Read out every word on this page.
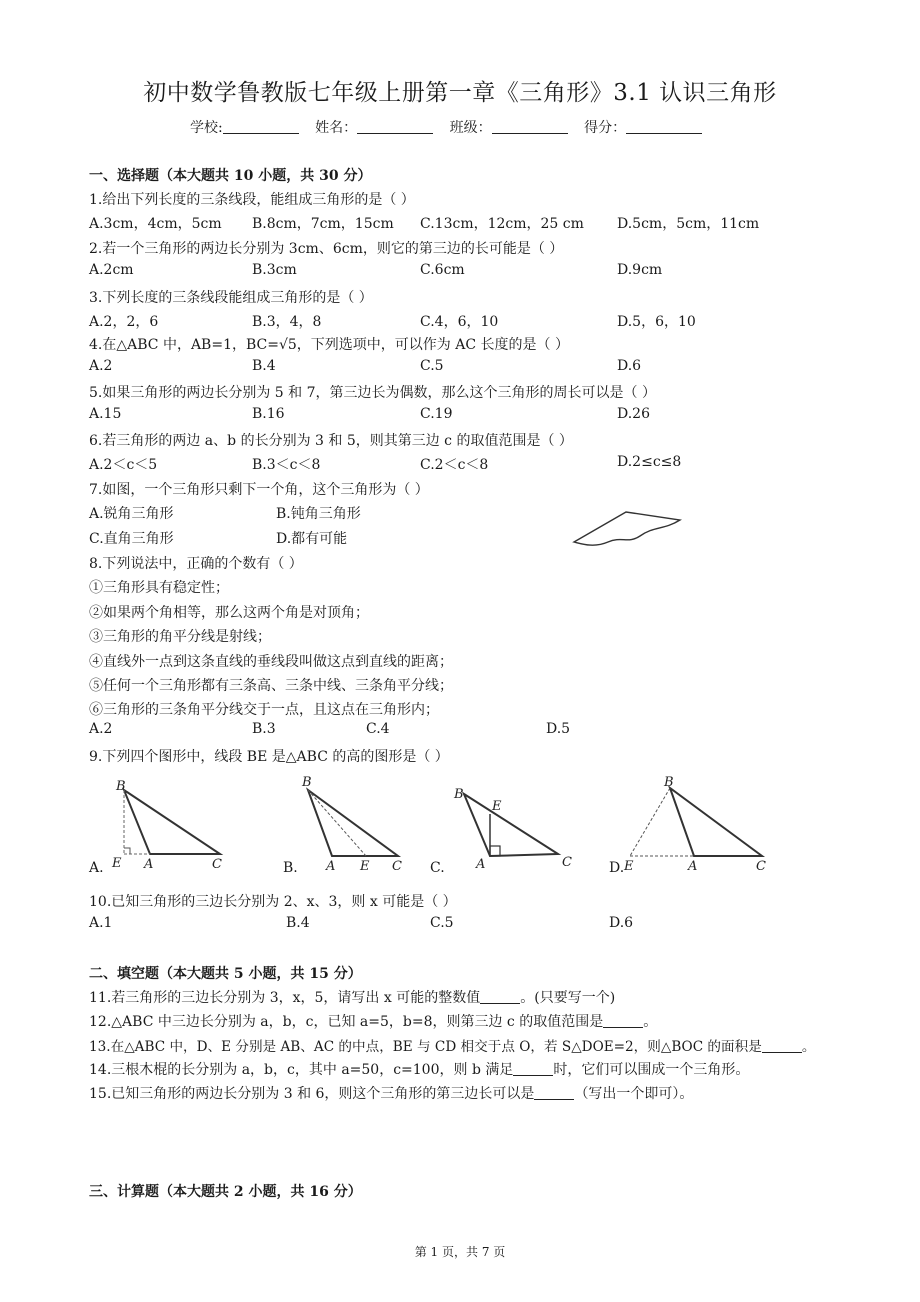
初中数学鲁教版七年级上册第一章《三角形》3.1 认识三角形
学校:	姓名：	班级：	得分：
一、选择题（本大题共 10 小题，共 30 分）
1.给出下列长度的三条线段，能组成三角形的是（ ）
A.3cm，4cm，5cm B.8cm，7cm，15cm C.13cm，12cm，25 cm D.5cm，5cm，11cm
2.若一个三角形的两边长分别为 3cm、6cm，则它的第三边的长可能是（ ）
A.2cm	B.3cm	C.6cm	D.9cm
3.下列长度的三条线段能组成三角形的是（ ）
A.2，2，6	B.3，4，8	C.4，6，10	D.5，6，10
4.在△ABC 中，AB=1，BC=√5，下列选项中，可以作为 AC 长度的是（ ）
A.2	B.4	C.5	D.6
5.如果三角形的两边长分别为 5 和 7，第三边长为偶数，那么这个三角形的周长可以是（ ）
A.15	B.16	C.19	D.26
6.若三角形的两边 a、b 的长分别为 3 和 5，则其第三边 c 的取值范围是（ ）
A.2＜c＜5	B.3＜c＜8	C.2＜c＜8	D.2≤c≤8
7.如图，一个三角形只剩下一个角，这个三角形为（ ）
A.锐角三角形	B.钝角三角形
C.直角三角形	D.都有可能
8.下列说法中，正确的个数有（ ）
①三角形具有稳定性；
②如果两个角相等，那么这两个角是对顶角；
③三角形的角平分线是射线；
④直线外一点到这条直线的垂线段叫做这点到直线的距离；
⑤任何一个三角形都有三条高、三条中线、三条角平分线；
⑥三角形的三条角平分线交于一点，且这点在三角形内；
A.2	B.3	C.4	D.5
9.下列四个图形中，线段 BE 是△ABC 的高的图形是（ ）
A.
B
E A	C	B.
B
E
A	C C.
B
E
A	C	D.
B
E	A	C
10.已知三角形的三边长分别为 2、x、3，则 x 可能是（ ）
A.1	B.4	C.5	D.6
二、填空题（本大题共 5 小题，共 15 分）
11.若三角形的三边长分别为 3，x，5，请写出 x 可能的整数值	。(只要写一个)
12.△ABC 中三边长分别为 a，b，c，已知 a=5，b=8，则第三边 c 的取值范围是	。
13.在△ABC 中，D、E 分别是 AB、AC 的中点，BE 与 CD 相交于点 O，若 S△DOE=2，则△BOC 的面积是	。
14.三根木棍的长分别为 a，b，c，其中 a=50，c=100，则 b 满足	时，它们可以围成一个三角形。
15.已知三角形的两边长分别为 3 和 6，则这个三角形的第三边长可以是	（写出一个即可）。
三、计算题（本大题共 2 小题，共 16 分）
第 1 页，共 7 页
